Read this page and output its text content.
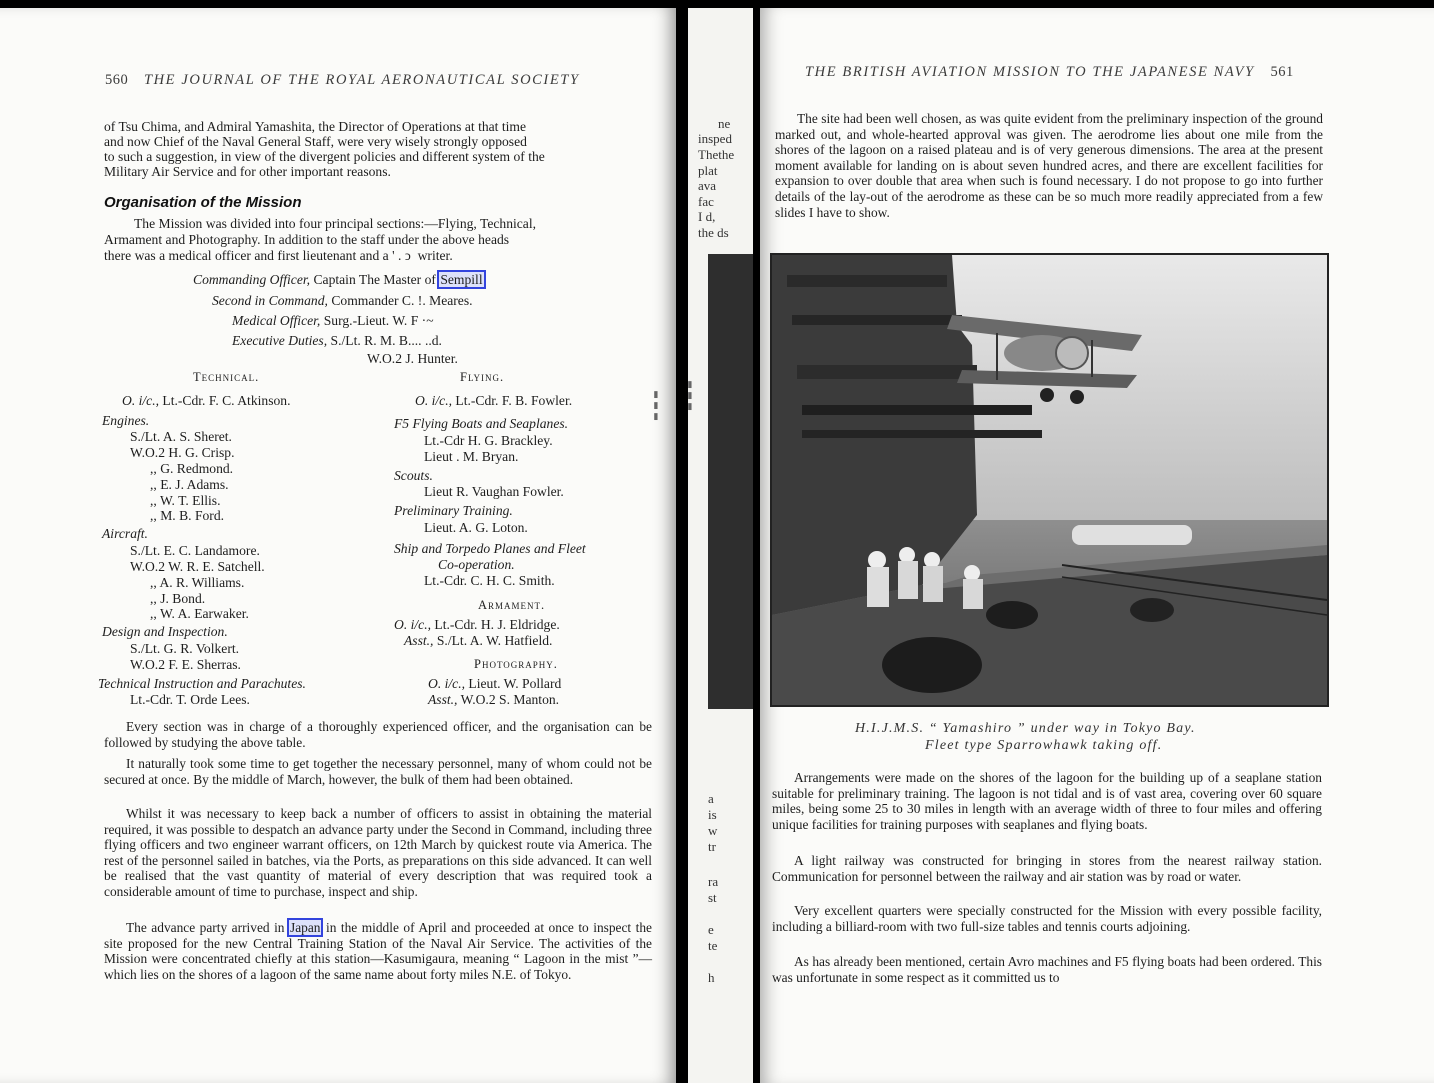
560 THE JOURNAL OF THE ROYAL AERONAUTICAL SOCIETY
of Tsu Chima, and Admiral Yamashita, the Director of Operations at that time
and now Chief of the Naval General Staff, were very wisely strongly opposed
to such a suggestion, in view of the divergent policies and different system of the
Military Air Service and for other important reasons.
Organisation of the Mission
The Mission was divided into four principal sections:—Flying, Technical,
Armament and Photography. In addition to the staff under the above heads
there was a medical officer and first lieutenant and a ' . ↄ writer.
Commanding Officer, Captain The Master of Sempill
Second in Command, Commander C. !. Meares.
Medical Officer, Surg.-Lieut. W. F ·~
Executive Duties, S./Lt. R. M. B.... ..d.
W.O.2 J. Hunter.
Technical.
O. i/c., Lt.-Cdr. F. C. Atkinson.
Engines.
S./Lt. A. S. Sheret.
W.O.2 H. G. Crisp.
,, G. Redmond.
,, E. J. Adams.
,, W. T. Ellis.
,, M. B. Ford.
Aircraft.
S./Lt. E. C. Landamore.
W.O.2 W. R. E. Satchell.
,, A. R. Williams.
,, J. Bond.
,, W. A. Earwaker.
Design and Inspection.
S./Lt. G. R. Volkert.
W.O.2 F. E. Sherras.
Technical Instruction and Parachutes.
Lt.-Cdr. T. Orde Lees.
Flying.
O. i/c., Lt.-Cdr. F. B. Fowler.
F5 Flying Boats and Seaplanes.
Lt.-Cdr H. G. Brackley.
Lieut . M. Bryan.
Scouts.
Lieut R. Vaughan Fowler.
Preliminary Training.
Lieut. A. G. Loton.
Ship and Torpedo Planes and Fleet
Co-operation.
Lt.-Cdr. C. H. C. Smith.
Armament.
O. i/c., Lt.-Cdr. H. J. Eldridge.
Asst., S./Lt. A. W. Hatfield.
Photography.
O. i/c., Lieut. W. Pollard
Asst., W.O.2 S. Manton.
Every section was in charge of a thoroughly experienced officer, and the organisation can be followed by studying the above table.
It naturally took some time to get together the necessary personnel, many of whom could not be secured at once. By the middle of March, however, the bulk of them had been obtained.
Whilst it was necessary to keep back a number of officers to assist in obtaining the material required, it was possible to despatch an advance party under the Second in Command, including three flying officers and two engineer warrant officers, on 12th March by quickest route via America. The rest of the personnel sailed in batches, via the Ports, as preparations on this side advanced. It can well be realised that the vast quantity of material of every description that was required took a considerable amount of time to purchase, inspect and ship.
The advance party arrived in Japan in the middle of April and proceeded at once to inspect the site proposed for the new Central Training Station of the Naval Air Service. The activities of the Mission were concentrated chiefly at this station—Kasumigaura, meaning “ Lagoon in the mist ”—which lies on the shores of a lagoon of the same name about forty miles N.E. of Tokyo.
▮▮▮
ne
insped
Thethe
plat
ava
fac
I d,
the ds
a
is
w
tr
ra
st
e
te
h
▮▮▮
THE BRITISH AVIATION MISSION TO THE JAPANESE NAVY 561
The site had been well chosen, as was quite evident from the preliminary inspection of the ground marked out, and whole-hearted approval was given. The aerodrome lies about one mile from the shores of the lagoon on a raised plateau and is of very generous dimensions. The area at the present moment available for landing on is about seven hundred acres, and there are excellent facilities for expansion to over double that area when such is found necessary. I do not propose to go into further details of the lay-out of the aerodrome as these can be so much more readily appreciated from a few slides I have to show.
H.I.J.M.S. “ Yamashiro ” under way in Tokyo Bay.
Fleet type Sparrowhawk taking off.
Arrangements were made on the shores of the lagoon for the building up of a seaplane station suitable for preliminary training. The lagoon is not tidal and is of vast area, covering over 60 square miles, being some 25 to 30 miles in length with an average width of three to four miles and offering unique facilities for training purposes with seaplanes and flying boats.
A light railway was constructed for bringing in stores from the nearest railway station. Communication for personnel between the railway and air station was by road or water.
Very excellent quarters were specially constructed for the Mission with every possible facility, including a billiard-room with two full-size tables and tennis courts adjoining.
As has already been mentioned, certain Avro machines and F5 flying boats had been ordered. This was unfortunate in some respect as it committed us to
